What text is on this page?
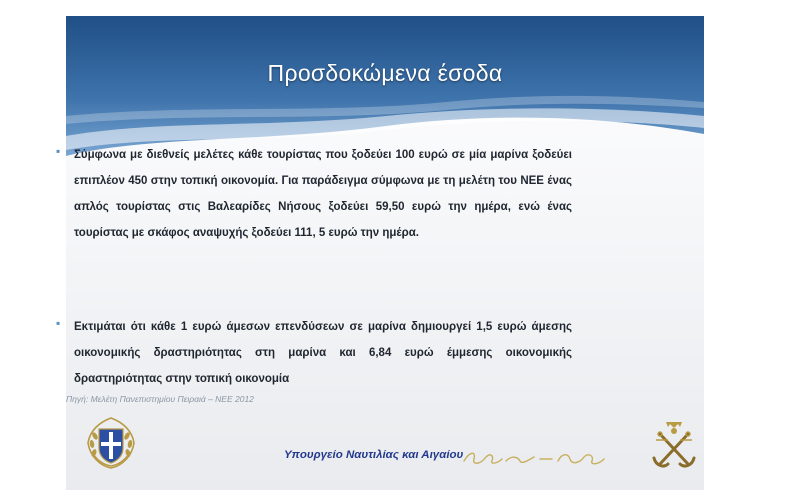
Προσδοκώμενα έσοδα
▪ Σύμφωνα με διεθνείς μελέτες κάθε τουρίστας που ξοδεύει 100 ευρώ σε μία μαρίνα ξοδεύει επιπλέον 450 στην τοπική οικονομία. Για παράδειγμα σύμφωνα με τη μελέτη του ΝΕΕ ένας απλός τουρίστας στις Βαλεαρίδες Νήσους ξοδεύει 59,50 ευρώ την ημέρα, ενώ ένας τουρίστας με σκάφος αναψυχής ξοδεύει 111, 5 ευρώ την ημέρα.

▪ Εκτιμάται ότι κάθε 1 ευρώ άμεσων επενδύσεων σε μαρίνα δημιουργεί 1,5 ευρώ άμεσης οικονομικής δραστηριότητας στη μαρίνα και 6,84 ευρώ έμμεσης οικονομικής δραστηριότητας στην τοπική οικονομία

Πηγή: Μελέτη Πανεπιστημίου Πειραιά – ΝΕΕ 2012
Υπουργείο Ναυτιλίας και Αιγαίου
